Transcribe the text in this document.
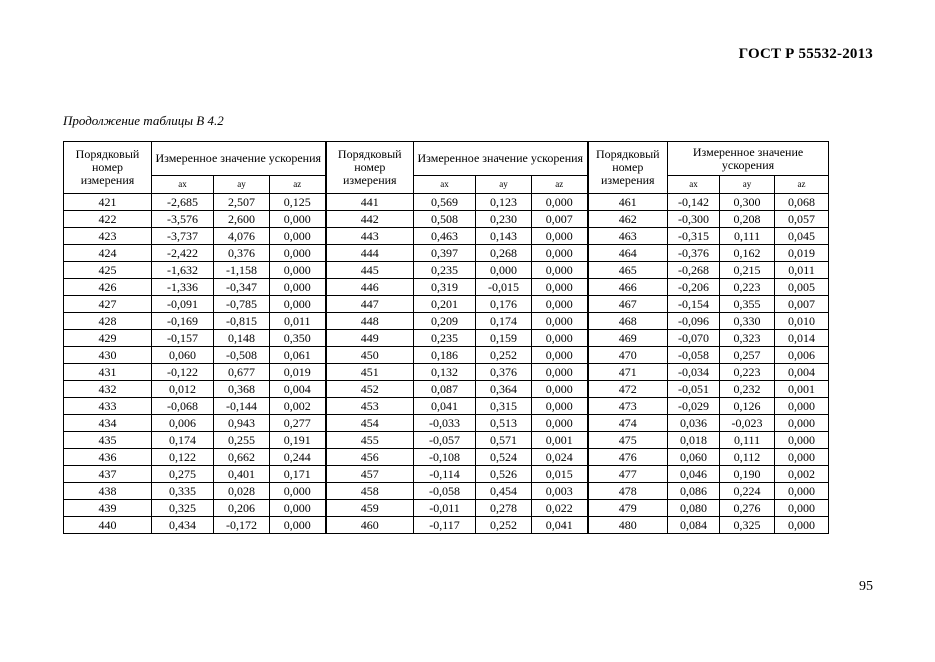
ГОСТ Р 55532-2013
Продолжение таблицы В 4.2
Порядковый
номер
измерения	Измеренное значение ускорения			Порядковый
номер
измерения	Измеренное значение ускорения			Порядковый
номер
измерения	Измеренное значение ускорения		
	ax	ay	az		ax	ay	az		ax	ay	az
421	-2,685	2,507	0,125	441	0,569	0,123	0,000	461	-0,142	0,300	0,068
422	-3,576	2,600	0,000	442	0,508	0,230	0,007	462	-0,300	0,208	0,057
423	-3,737	4,076	0,000	443	0,463	0,143	0,000	463	-0,315	0,111	0,045
424	-2,422	0,376	0,000	444	0,397	0,268	0,000	464	-0,376	0,162	0,019
425	-1,632	-1,158	0,000	445	0,235	0,000	0,000	465	-0,268	0,215	0,011
426	-1,336	-0,347	0,000	446	0,319	-0,015	0,000	466	-0,206	0,223	0,005
427	-0,091	-0,785	0,000	447	0,201	0,176	0,000	467	-0,154	0,355	0,007
428	-0,169	-0,815	0,011	448	0,209	0,174	0,000	468	-0,096	0,330	0,010
429	-0,157	0,148	0,350	449	0,235	0,159	0,000	469	-0,070	0,323	0,014
430	0,060	-0,508	0,061	450	0,186	0,252	0,000	470	-0,058	0,257	0,006
431	-0,122	0,677	0,019	451	0,132	0,376	0,000	471	-0,034	0,223	0,004
432	0,012	0,368	0,004	452	0,087	0,364	0,000	472	-0,051	0,232	0,001
433	-0,068	-0,144	0,002	453	0,041	0,315	0,000	473	-0,029	0,126	0,000
434	0,006	0,943	0,277	454	-0,033	0,513	0,000	474	0,036	-0,023	0,000
435	0,174	0,255	0,191	455	-0,057	0,571	0,001	475	0,018	0,111	0,000
436	0,122	0,662	0,244	456	-0,108	0,524	0,024	476	0,060	0,112	0,000
437	0,275	0,401	0,171	457	-0,114	0,526	0,015	477	0,046	0,190	0,002
438	0,335	0,028	0,000	458	-0,058	0,454	0,003	478	0,086	0,224	0,000
439	0,325	0,206	0,000	459	-0,011	0,278	0,022	479	0,080	0,276	0,000
440	0,434	-0,172	0,000	460	-0,117	0,252	0,041	480	0,084	0,325	0,000
95
